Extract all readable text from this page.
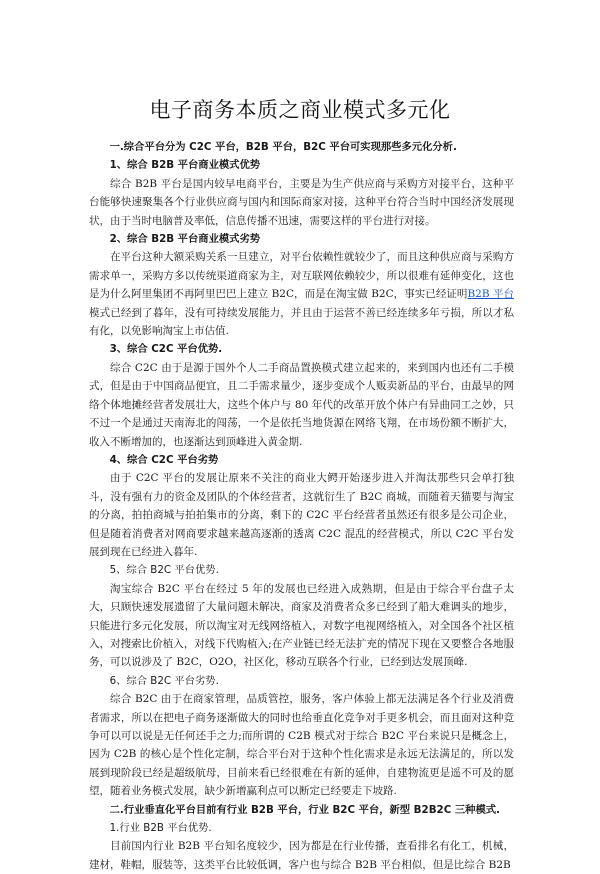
电子商务本质之商业模式多元化

一.综合平台分为 C2C 平台，B2B 平台，B2C 平台可实现那些多元化分析.

1、综合 B2B 平台商业模式优势

综合 B2B 平台是国内较早电商平台，主要是为生产供应商与采购方对接平台，这种平台能够快速聚集各个行业供应商与国内和国际商家对接，这种平台符合当时中国经济发展现状，由于当时电脑普及率低，信息传播不迅速，需要这样的平台进行对接。

2、综合 B2B 平台商业模式劣势

在平台这种大额采购关系一旦建立，对平台依赖性就较少了，而且这种供应商与采购方需求单一，采购方多以传统渠道商家为主，对互联网依赖较少，所以很难有延伸变化，这也是为什么阿里集团不再阿里巴巴上建立 B2C，而是在淘宝做 B2C，事实已经证明B2B 平台模式已经到了暮年，没有可持续发展能力，并且由于运营不善已经连续多年亏损，所以才私有化，以免影响淘宝上市估值.

3、综合 C2C 平台优势.

综合 C2C 由于是源于国外个人二手商品置换模式建立起来的，来到国内也还有二手模式，但是由于中国商品便宜，且二手需求量少，逐步变成个人贩卖新品的平台，由最早的网络个体地摊经营者发展壮大，这些个体户与 80 年代的改革开放个体户有异曲同工之妙，只不过一个是通过天南海北的闯荡，一个是依托当地货源在网络飞翔，在市场份额不断扩大，收入不断增加的，也逐渐达到顶峰进入黄金期.

4、综合 C2C 平台劣势

由于 C2C 平台的发展让原来不关注的商业大鳄开始逐步进入并淘汰那些只会单打独斗，没有强有力的资金及团队的个体经营者，这就衍生了 B2C 商城，而随着天猫要与淘宝的分离，拍拍商城与拍拍集市的分离，剩下的 C2C 平台经营者虽然还有很多是公司企业，但是随着消费者对网商要求越来越高逐渐的透离 C2C 混乱的经营模式，所以 C2C 平台发展到现在已经进入暮年.

5、综合 B2C 平台优势.

淘宝综合 B2C 平台在经过 5 年的发展也已经进入成熟期，但是由于综合平台盘子太大，只顾快速发展遗留了大量问题未解决，商家及消费者众多已经到了船大难调头的地步，只能进行多元化发展，所以淘宝对无线网络植入，对数字电视网络植入，对全国各个社区植入，对搜索比价植入，对线下代购植入;在产业链已经无法扩充的情况下现在又要整合各地服务，可以说涉及了 B2C，O2O，社区化，移动互联各个行业，已经到达发展顶峰.

6、综合 B2C 平台劣势.

综合 B2C 由于在商家管理，品质管控，服务，客户体验上都无法满足各个行业及消费者需求，所以在把电子商务逐渐做大的同时也给垂直化竞争对手更多机会，而且面对这种竞争可以可以说是无任何还手之力;而所谓的 C2B 模式对于综合 B2C 平台来说只是概念上，因为 C2B 的核心是个性化定制，综合平台对于这种个性化需求是永远无法满足的，所以发展到现阶段已经是超级航母，目前来看已经很难在有新的延伸，自建物流更是遥不可及的愿望，随着业务模式发展，缺少新增赢利点可以断定已经要走下坡路.

二.行业垂直化平台目前有行业 B2B 平台，行业 B2C 平台，新型 B2B2C 三种模式.

1.行业 B2B 平台优势.

目前国内行业 B2B 平台知名度较少，因为都是在行业传播，查看排名有化工，机械，建材，鞋帽，服装等，这类平台比较低调，客户也与综合 B2B 平台相似，但是比综合 B2B
